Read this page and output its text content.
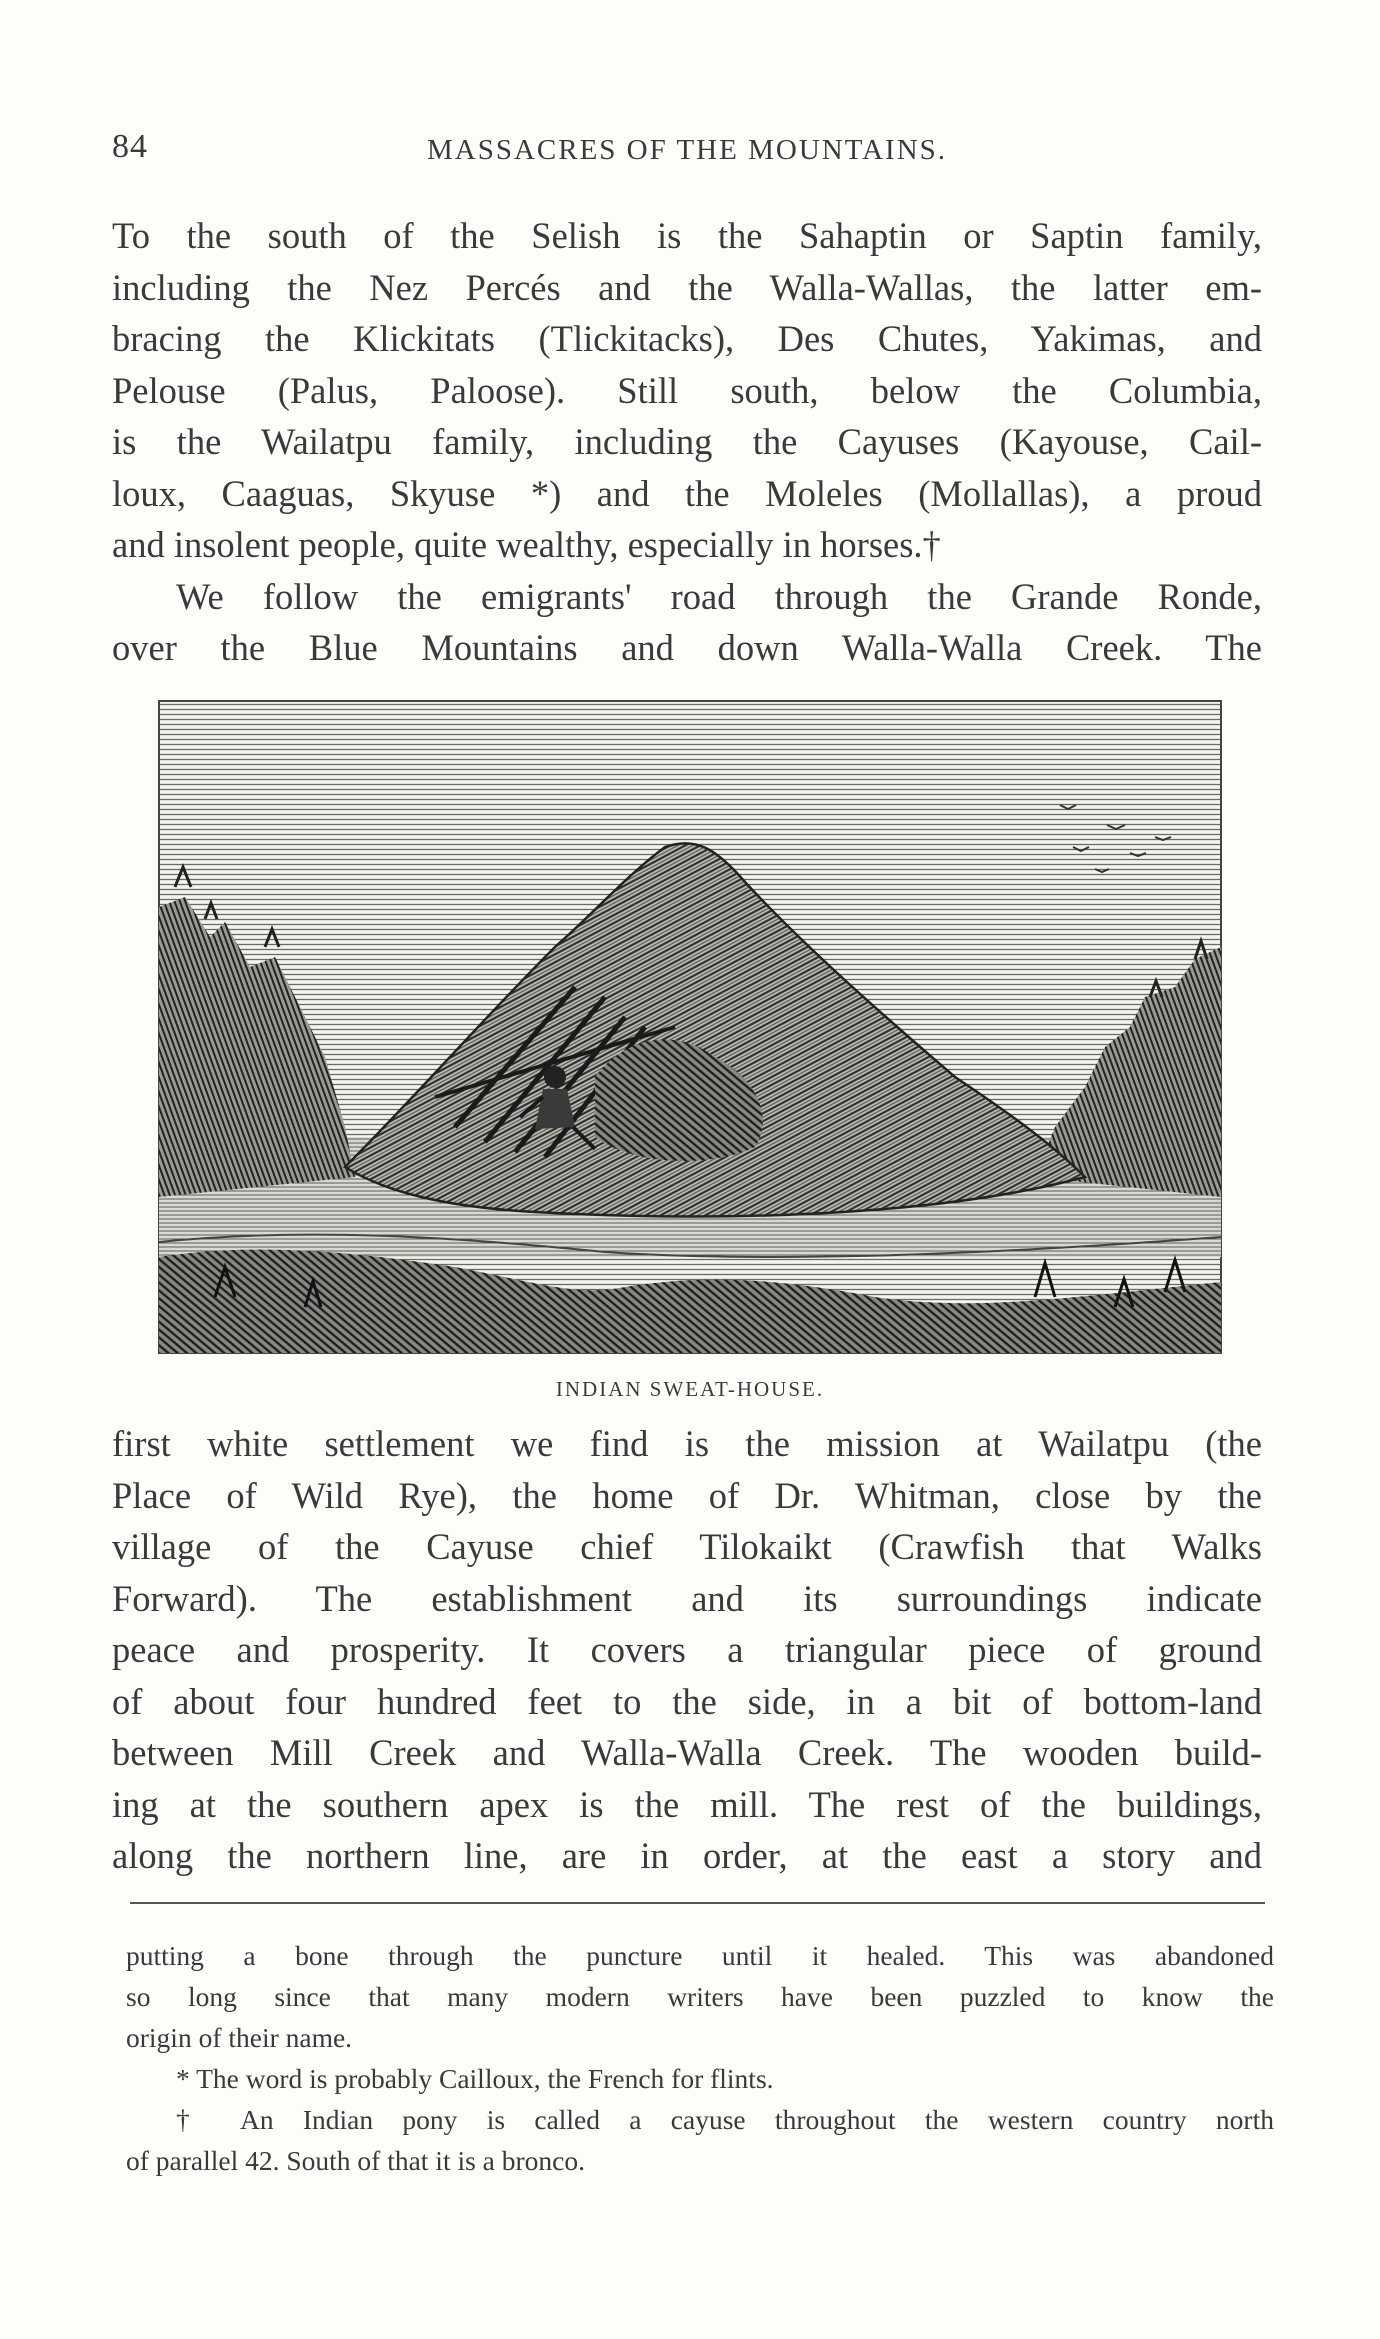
84	MASSACRES OF THE MOUNTAINS.
To the south of the Selish is the Sahaptin or Saptin family,
including the Nez Percés and the Walla-Wallas, the latter em-
bracing the Klickitats (Tlickitacks), Des Chutes, Yakimas, and
Pelouse (Palus, Paloose). Still south, below the Columbia,
is the Wailatpu family, including the Cayuses (Kayouse, Cail-
loux, Caaguas, Skyuse *) and the Moleles (Mollallas), a proud
and insolent people, quite wealthy, especially in horses.†
We follow the emigrants' road through the Grande Ronde,
over the Blue Mountains and down Walla-Walla Creek. The
INDIAN SWEAT-HOUSE.
first white settlement we find is the mission at Wailatpu (the
Place of Wild Rye), the home of Dr. Whitman, close by the
village of the Cayuse chief Tilokaikt (Crawfish that Walks
Forward). The establishment and its surroundings indicate
peace and prosperity. It covers a triangular piece of ground
of about four hundred feet to the side, in a bit of bottom-land
between Mill Creek and Walla-Walla Creek. The wooden build-
ing at the southern apex is the mill. The rest of the buildings,
along the northern line, are in order, at the east a story and
putting a bone through the puncture until it healed. This was abandoned
so long since that many modern writers have been puzzled to know the
origin of their name.
* The word is probably Cailloux, the French for flints.
† An Indian pony is called a cayuse throughout the western country north
of parallel 42. South of that it is a bronco.
